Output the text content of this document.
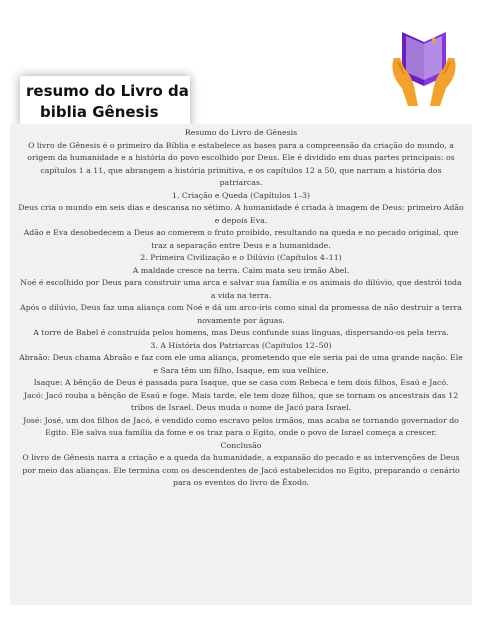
resumo do Livro da
biblia Gênesis

Resumo do Livro de Gênesis

O livro de Gênesis é o primeiro da Bíblia e estabelece as bases para a compreensão da criação do mundo, a origem da humanidade e a história do povo escolhido por Deus. Ele é dividido em duas partes principais: os capítulos 1 a 11, que abrangem a história primitiva, e os capítulos 12 a 50, que narram a história dos patriarcas.

1. Criação e Queda (Capítulos 1–3)

Deus cria o mundo em seis dias e descansa no sétimo. A humanidade é criada à imagem de Deus: primeiro Adão e depois Eva.

Adão e Eva desobedecem a Deus ao comerem o fruto proibido, resultando na queda e no pecado original, que traz a separação entre Deus e a humanidade.

2. Primeira Civilização e o Dilúvio (Capítulos 4–11)

A maldade cresce na terra. Caim mata seu irmão Abel.

Noé é escolhido por Deus para construir uma arca e salvar sua família e os animais do dilúvio, que destrói toda a vida na terra.

Após o dilúvio, Deus faz uma aliança com Noé e dá um arco-íris como sinal da promessa de não destruir a terra novamente por águas.

A torre de Babel é construída pelos homens, mas Deus confunde suas línguas, dispersando-os pela terra.

3. A História dos Patriarcas (Capítulos 12–50)

Abraão: Deus chama Abraão e faz com ele uma aliança, prometendo que ele seria pai de uma grande nação. Ele e Sara têm um filho, Isaque, em sua velhice.

Isaque: A bênção de Deus é passada para Isaque, que se casa com Rebeca e tem dois filhos, Esaú e Jacó.

Jacó: Jacó rouba a bênção de Esaú e foge. Mais tarde, ele tem doze filhos, que se tornam os ancestrais das 12 tribos de Israel. Deus muda o nome de Jacó para Israel.

José: José, um dos filhos de Jacó, é vendido como escravo pelos irmãos, mas acaba se tornando governador do Egito. Ele salva sua família da fome e os traz para o Egito, onde o povo de Israel começa a crescer.

Conclusão

O livro de Gênesis narra a criação e a queda da humanidade, a expansão do pecado e as intervenções de Deus por meio das alianças. Ele termina com os descendentes de Jacó estabelecidos no Egito, preparando o cenário para os eventos do livro de Êxodo.
